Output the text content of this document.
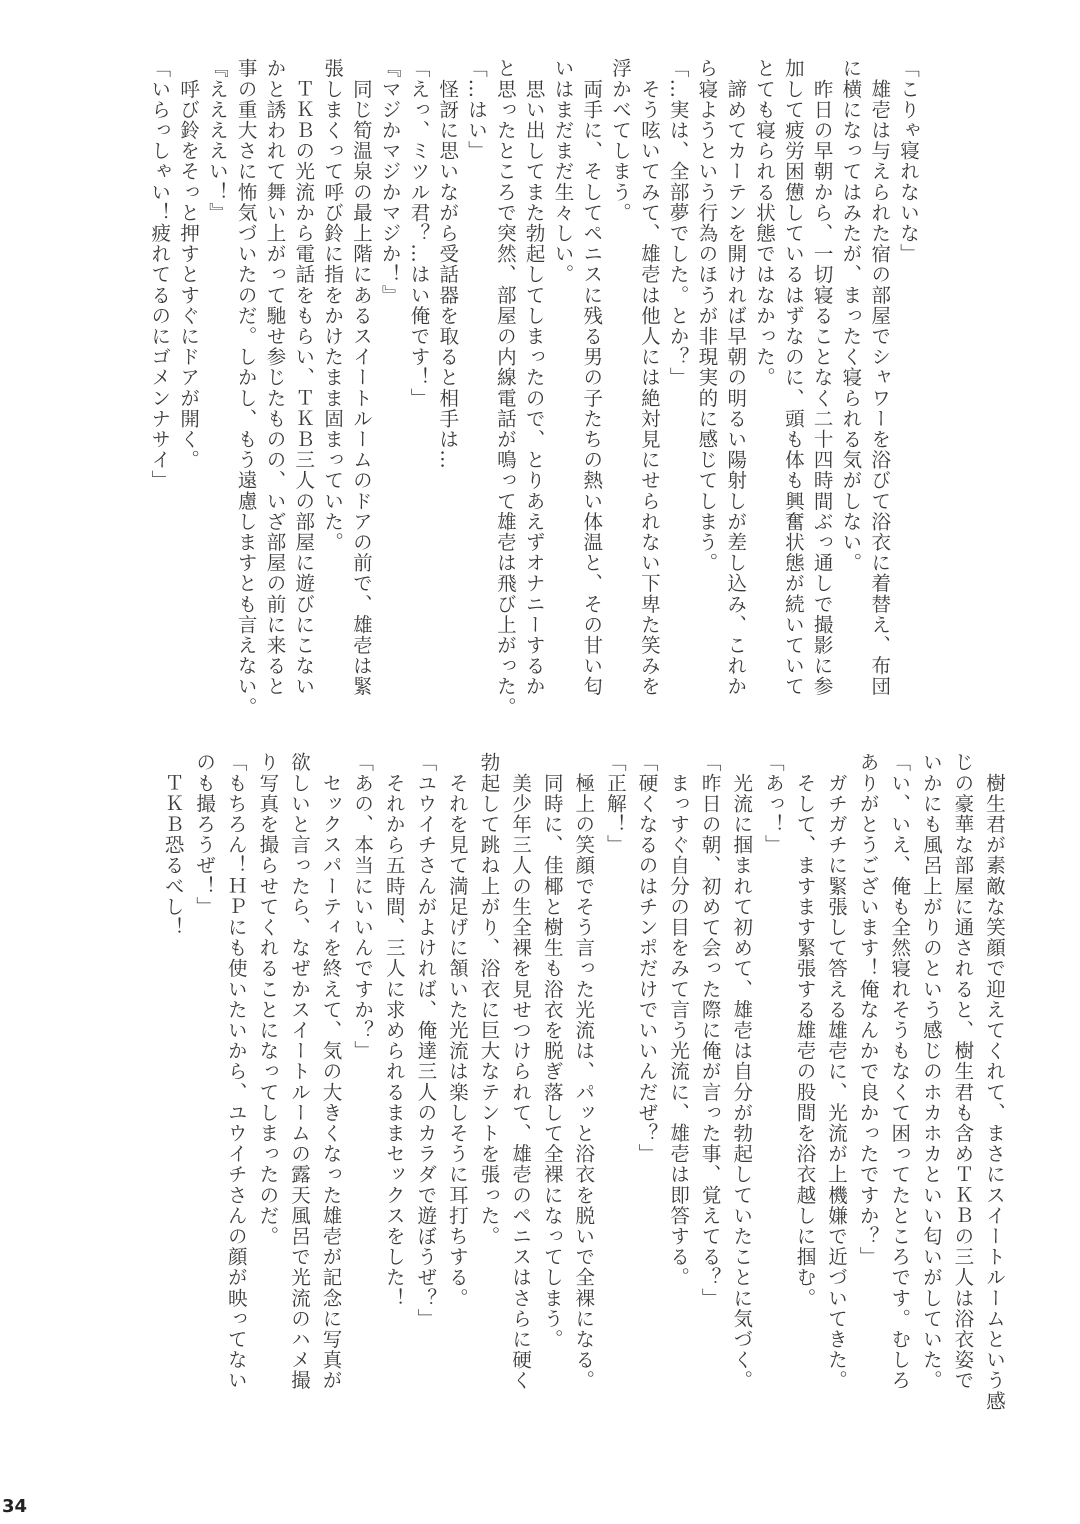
「こりゃ寝れないな」
　雄壱は与えられた宿の部屋でシャワーを浴びて浴衣に着替え、布団
に横になってはみたが、まったく寝られる気がしない。
　昨日の早朝から、一切寝ることなく二十四時間ぶっ通しで撮影に参
加して疲労困憊しているはずなのに、頭も体も興奮状態が続いていて
とても寝られる状態ではなかった。
　諦めてカーテンを開ければ早朝の明るい陽射しが差し込み、これか
ら寝ようという行為のほうが非現実的に感じてしまう。
「…実は、全部夢でした。とか？」
　そう呟いてみて、雄壱は他人には絶対見にせられない下卑た笑みを
浮かべてしまう。
　両手に、そしてペニスに残る男の子たちの熱い体温と、その甘い匂
いはまだまだ生々しい。
　思い出してまた勃起してしまったので、とりあえずオナニーするか
と思ったところで突然、部屋の内線電話が鳴って雄壱は飛び上がった。
「…はい」
　怪訝に思いながら受話器を取ると相手は…
「えっ、ミツル君？…はい俺です！」
『マジかマジかマジか！』
　同じ筍温泉の最上階にあるスイートルームのドアの前で、雄壱は緊
張しまくって呼び鈴に指をかけたまま固まっていた。
　ＴＫＢの光流から電話をもらい、ＴＫＢ三人の部屋に遊びにこない
かと誘われて舞い上がって馳せ参じたものの、いざ部屋の前に来ると
事の重大さに怖気づいたのだ。しかし、もう遠慮しますとも言えない。
『ええええい！』
　呼び鈴をそっと押すとすぐにドアが開く。
「いらっしゃい！疲れてるのにゴメンナサイ」
　樹生君が素敵な笑顔で迎えてくれて、まさにスイートルームという感
じの豪華な部屋に通されると、樹生君も含めＴＫＢの三人は浴衣姿で
いかにも風呂上がりのという感じのホカホカといい匂いがしていた。
「い、いえ、俺も全然寝れそうもなくて困ってたところです。むしろ
ありがとうございます！俺なんかで良かったですか？」
　ガチガチに緊張して答える雄壱に、光流が上機嫌で近づいてきた。
　そして、ますます緊張する雄壱の股間を浴衣越しに掴む。
「あっ！」
　光流に掴まれて初めて、雄壱は自分が勃起していたことに気づく。
「昨日の朝、初めて会った際に俺が言った事、覚えてる？」
　まっすぐ自分の目をみて言う光流に、雄壱は即答する。
「硬くなるのはチンポだけでいいんだぜ？」
「正解！」
　極上の笑顔でそう言った光流は、パッと浴衣を脱いで全裸になる。
　同時に、佳椰と樹生も浴衣を脱ぎ落して全裸になってしまう。
　美少年三人の生全裸を見せつけられて、雄壱のペニスはさらに硬く
勃起して跳ね上がり、浴衣に巨大なテントを張った。
　それを見て満足げに頷いた光流は楽しそうに耳打ちする。
「ユウイチさんがよければ、俺達三人のカラダで遊ぼうぜ？」
　それから五時間、三人に求められるままセックスをした！
「あの、本当にいいんですか？」
　セックスパーティを終えて、気の大きくなった雄壱が記念に写真が
欲しいと言ったら、なぜかスイートルームの露天風呂で光流のハメ撮
り写真を撮らせてくれることになってしまったのだ。
「もちろん！ＨＰにも使いたいから、ユウイチさんの顔が映ってない
のも撮ろうぜ！」
　ＴＫＢ恐るべし！
34
